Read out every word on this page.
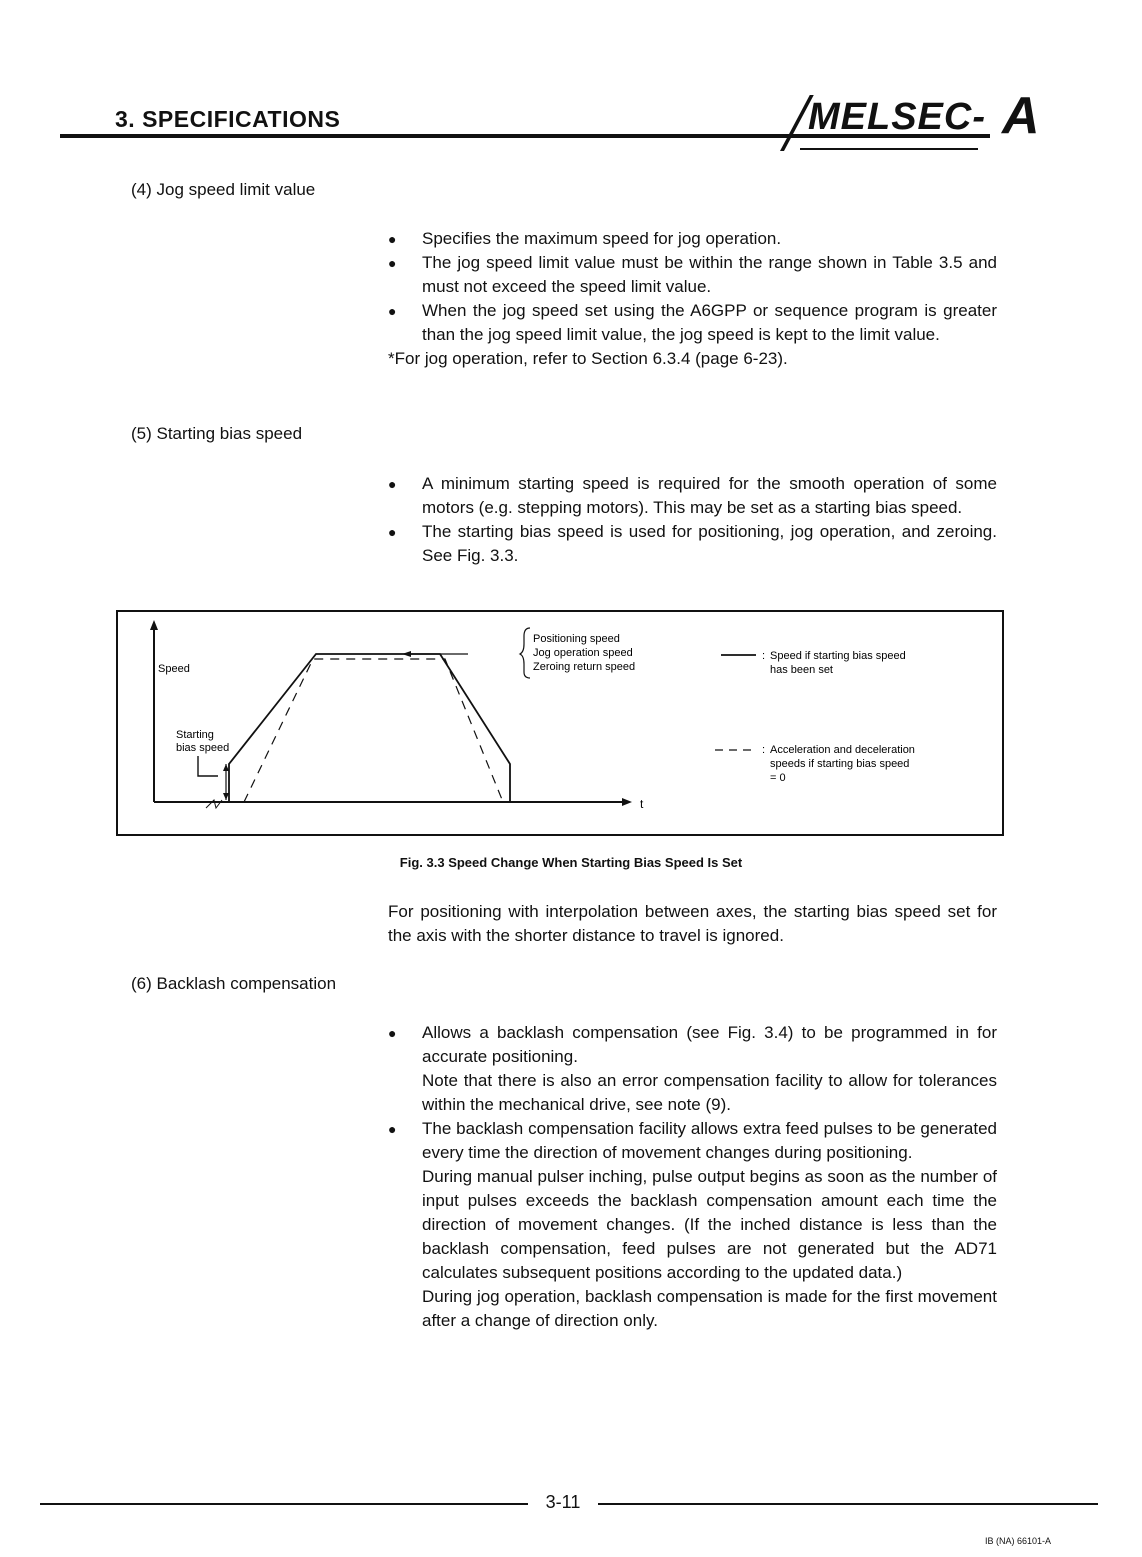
3. SPECIFICATIONS	MELSEC- A
(4) Jog speed limit value

● Specifies the maximum speed for jog operation.

● The jog speed limit value must be within the range shown in Table 3.5 and must not exceed the speed limit value.

● When the jog speed set using the A6GPP or sequence program is greater than the jog speed limit value, the jog speed is kept to the limit value.

*For jog operation, refer to Section 6.3.4 (page 6-23).

(5) Starting bias speed

● A minimum starting speed is required for the smooth operation of some motors (e.g. stepping motors). This may be set as a starting bias speed.

● The starting bias speed is used for positioning, jog operation, and zeroing. See Fig. 3.3.

Speed
t
Starting
bias speed
Positioning speed
Jog operation speed
Zeroing return speed
: Speed if starting bias speed
has been set
: Acceleration and deceleration
speeds if starting bias speed
= 0
Fig. 3.3 Speed Change When Starting Bias Speed Is Set
For positioning with interpolation between axes, the starting bias speed set for the axis with the shorter distance to travel is ignored.
(6) Backlash compensation

● Allows a backlash compensation (see Fig. 3.4) to be programmed in for accurate positioning.

Note that there is also an error compensation facility to allow for tolerances within the mechanical drive, see note (9).

● The backlash compensation facility allows extra feed pulses to be generated every time the direction of movement changes during positioning.

During manual pulser inching, pulse output begins as soon as the number of input pulses exceeds the backlash compensation amount each time the direction of movement changes. (If the inched distance is less than the backlash compensation, feed pulses are not generated but the AD71 calculates subsequent positions according to the updated data.)

During jog operation, backlash compensation is made for the first movement after a change of direction only.

3-11
IB (NA) 66101-A
